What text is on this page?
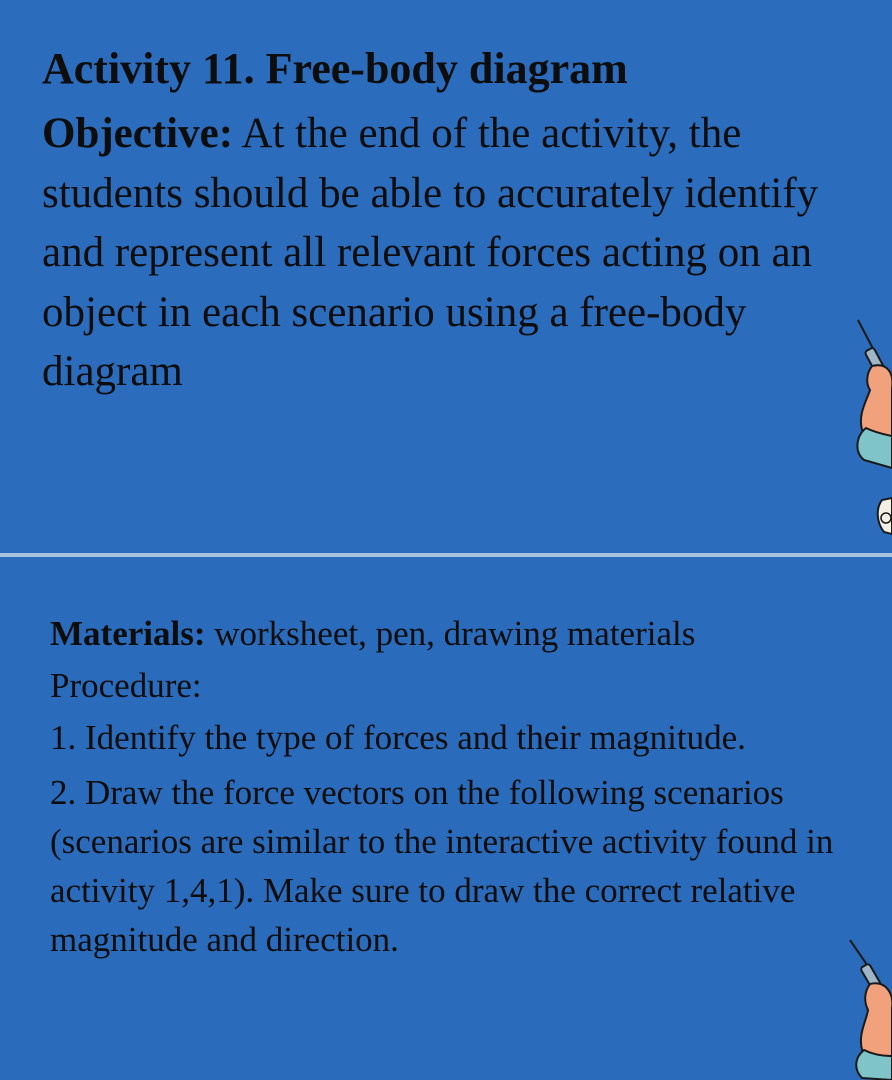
Activity 11. Free-body diagram

Objective: At the end of the activity, the students should be able to accurately identify and represent all relevant forces acting on an object in each scenario using a free-body diagram

Materials: worksheet, pen, drawing materials

Procedure:

1. Identify the type of forces and their magnitude.

2. Draw the force vectors on the following scenarios (scenarios are similar to the interactive activity found in activity 1,4,1). Make sure to draw the correct relative magnitude and direction.
